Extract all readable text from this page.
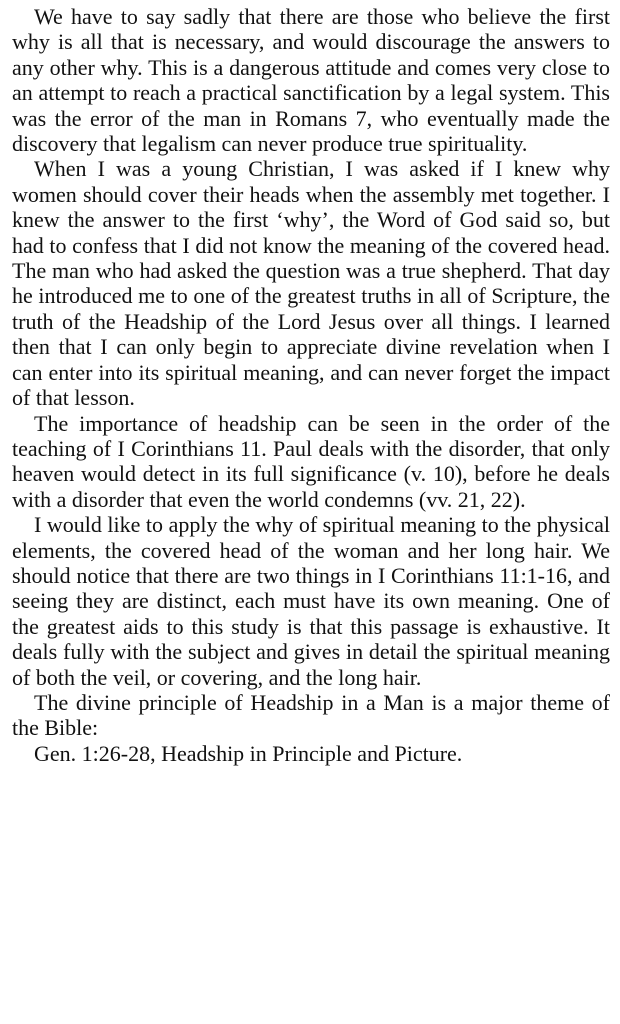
We have to say sadly that there are those who believe the first why is all that is necessary, and would discourage the answers to any other why. This is a dangerous attitude and comes very close to an attempt to reach a practical sanctification by a legal system. This was the error of the man in Romans 7, who eventually made the discovery that legalism can never produce true spirituality.

When I was a young Christian, I was asked if I knew why women should cover their heads when the assembly met together. I knew the answer to the first ‘why’, the Word of God said so, but had to confess that I did not know the meaning of the covered head. The man who had asked the question was a true shepherd. That day he introduced me to one of the greatest truths in all of Scripture, the truth of the Headship of the Lord Jesus over all things. I learned then that I can only begin to appreciate divine revelation when I can enter into its spiritual meaning, and can never forget the impact of that lesson.

The importance of headship can be seen in the order of the teaching of I Corinthians 11. Paul deals with the disorder, that only heaven would detect in its full significance (v. 10), before he deals with a disorder that even the world condemns (vv. 21, 22).

I would like to apply the why of spiritual meaning to the physical elements, the covered head of the woman and her long hair. We should notice that there are two things in I Corinthians 11:1-16, and seeing they are distinct, each must have its own meaning. One of the greatest aids to this study is that this passage is exhaustive. It deals fully with the subject and gives in detail the spiritual meaning of both the veil, or covering, and the long hair.

The divine principle of Headship in a Man is a major theme of the Bible:

Gen. 1:26-28, Headship in Principle and Picture.
